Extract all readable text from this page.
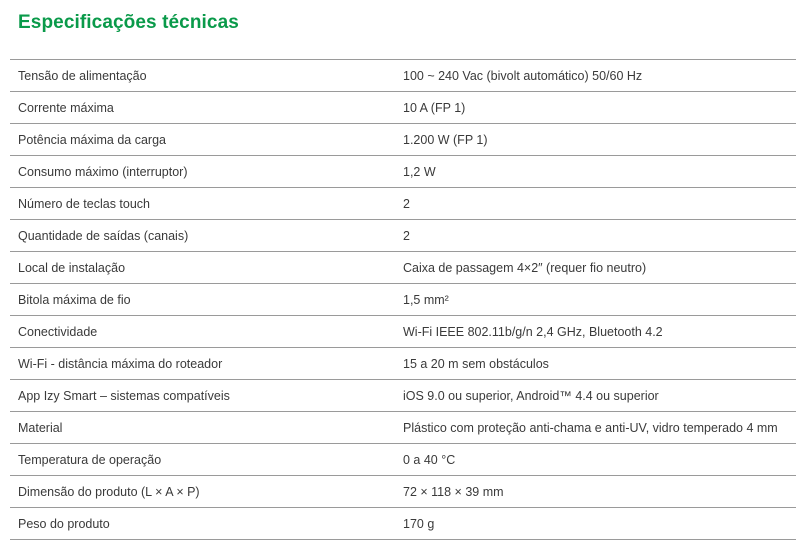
Especificações técnicas
Tensão de alimentação	100 ~ 240 Vac (bivolt automático) 50/60 Hz
Corrente máxima	10 A (FP 1)
Potência máxima da carga	1.200 W (FP 1)
Consumo máximo (interruptor)	1,2 W
Número de teclas touch	2
Quantidade de saídas (canais)	2
Local de instalação	Caixa de passagem 4×2″ (requer fio neutro)
Bitola máxima de fio	1,5 mm²
Conectividade	Wi-Fi IEEE 802.11b/g/n 2,4 GHz, Bluetooth 4.2
Wi-Fi - distância máxima do roteador	15 a 20 m sem obstáculos
App Izy Smart – sistemas compatíveis	iOS 9.0 ou superior, Android™ 4.4 ou superior
Material	Plástico com proteção anti-chama e anti-UV, vidro temperado 4 mm
Temperatura de operação	0 a 40 °C
Dimensão do produto (L × A × P)	72 × 118 × 39 mm
Peso do produto	170 g
